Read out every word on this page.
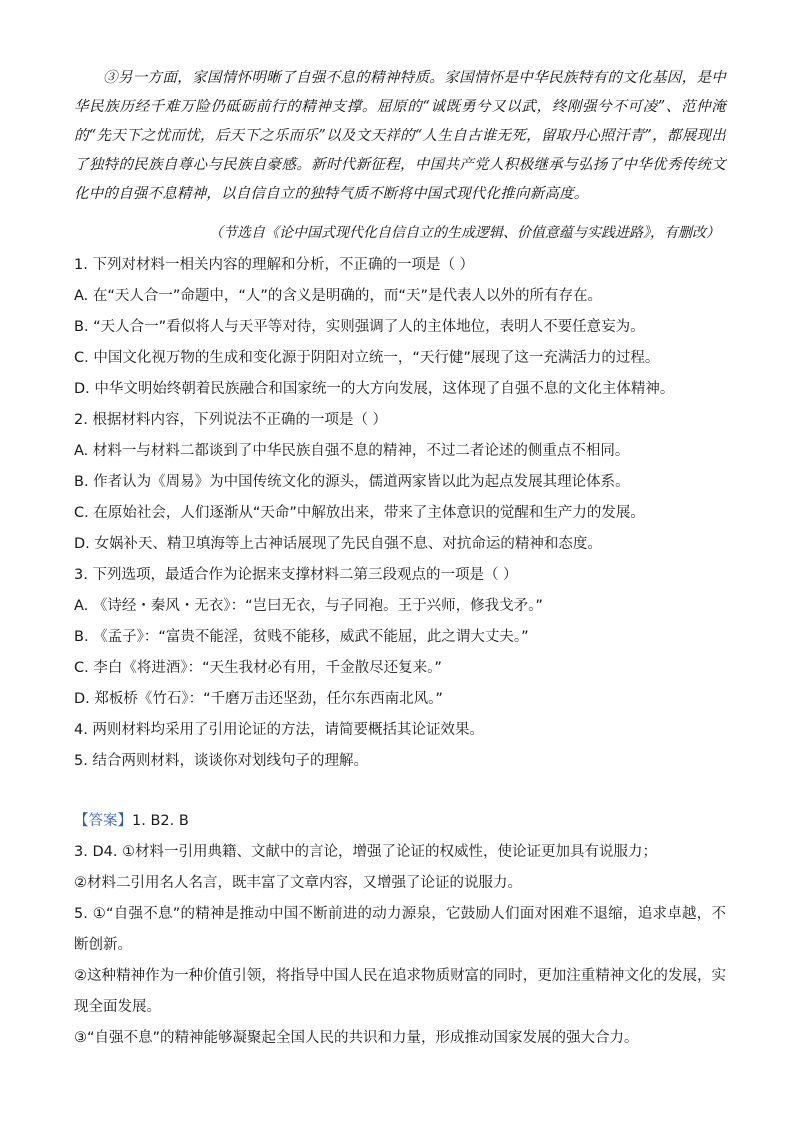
③另一方面，家国情怀明晰了自强不息的精神特质。家国情怀是中华民族特有的文化基因，是中华民族历经千难万险仍砥砺前行的精神支撑。屈原的“诚既勇兮又以武，终刚强兮不可凌”、范仲淹的“先天下之忧而忧，后天下之乐而乐”以及文天祥的“人生自古谁无死，留取丹心照汗青”，都展现出了独特的民族自尊心与民族自豪感。新时代新征程，中国共产党人积极继承与弘扬了中华优秀传统文化中的自强不息精神，以自信自立的独特气质不断将中国式现代化推向新高度。
（节选自《论中国式现代化自信自立的生成逻辑、价值意蕴与实践进路》，有删改）
1. 下列对材料一相关内容的理解和分析，不正确的一项是（ ）
A. 在“天人合一”命题中，“人”的含义是明确的，而“天”是代表人以外的所有存在。
B. “天人合一”看似将人与天平等对待，实则强调了人的主体地位，表明人不要任意妄为。
C. 中国文化视万物的生成和变化源于阴阳对立统一，“天行健”展现了这一充满活力的过程。
D. 中华文明始终朝着民族融合和国家统一的大方向发展，这体现了自强不息的文化主体精神。
2. 根据材料内容，下列说法不正确的一项是（ ）
A. 材料一与材料二都谈到了中华民族自强不息的精神，不过二者论述的侧重点不相同。
B. 作者认为《周易》为中国传统文化的源头，儒道两家皆以此为起点发展其理论体系。
C. 在原始社会，人们逐渐从“天命”中解放出来，带来了主体意识的觉醒和生产力的发展。
D. 女娲补天、精卫填海等上古神话展现了先民自强不息、对抗命运的精神和态度。
3. 下列选项，最适合作为论据来支撑材料二第三段观点的一项是（ ）
A. 《诗经・秦风・无衣》：“岂曰无衣，与子同袍。王于兴师，修我戈矛。”
B. 《孟子》：“富贵不能淫，贫贱不能移，威武不能屈，此之谓大丈夫。”
C. 李白《将进酒》：“天生我材必有用，千金散尽还复来。”
D. 郑板桥《竹石》：“千磨万击还坚劲，任尔东西南北风。”
4. 两则材料均采用了引用论证的方法，请简要概括其论证效果。
5. 结合两则材料，谈谈你对划线句子的理解。
【答案】1. B2. B
3. D4. ①材料一引用典籍、文献中的言论，增强了论证的权威性，使论证更加具有说服力；
②材料二引用名人名言，既丰富了文章内容，又增强了论证的说服力。
5. ①“自强不息”的精神是推动中国不断前进的动力源泉，它鼓励人们面对困难不退缩，追求卓越，不断创新。
②这种精神作为一种价值引领，将指导中国人民在追求物质财富的同时，更加注重精神文化的发展，实现全面发展。
③“自强不息”的精神能够凝聚起全国人民的共识和力量，形成推动国家发展的强大合力。
